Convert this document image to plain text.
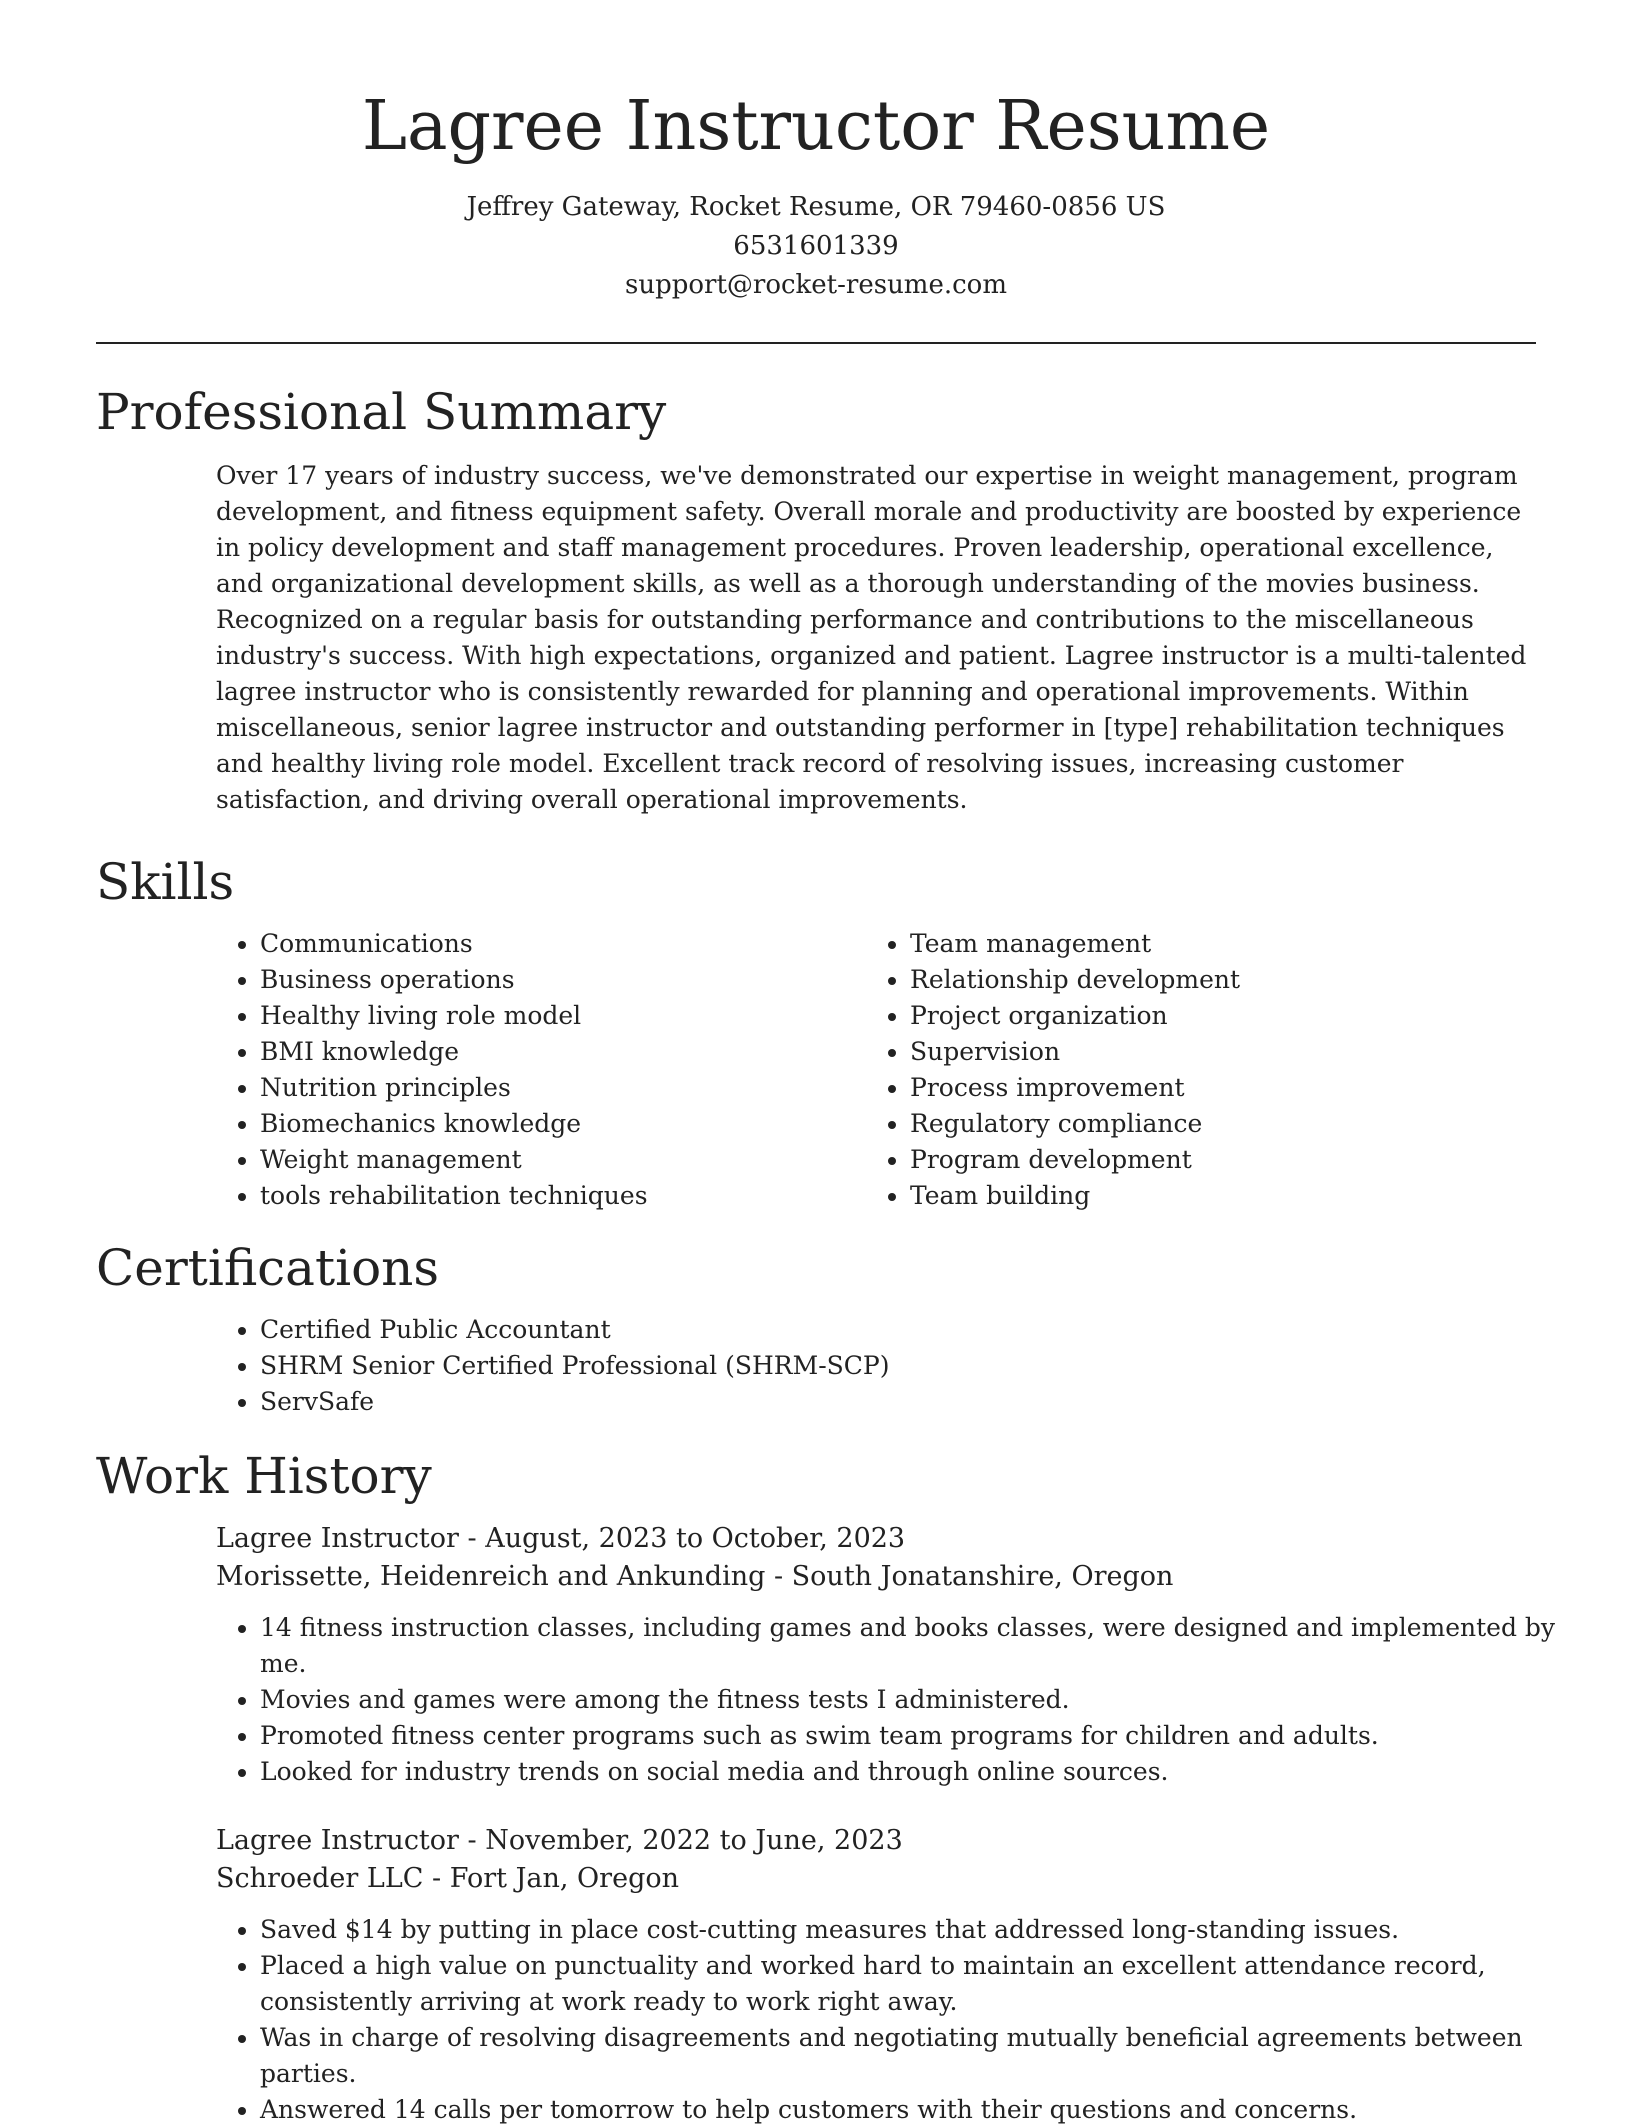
Lagree Instructor Resume
Jeffrey Gateway, Rocket Resume, OR 79460-0856 US
6531601339
support@rocket-resume.com
Professional Summary
Over 17 years of industry success, we've demonstrated our expertise in weight management, program development, and fitness equipment safety. Overall morale and productivity are boosted by experience in policy development and staff management procedures. Proven leadership, operational excellence, and organizational development skills, as well as a thorough understanding of the movies business. Recognized on a regular basis for outstanding performance and contributions to the miscellaneous industry's success. With high expectations, organized and patient. Lagree instructor is a multi-talented lagree instructor who is consistently rewarded for planning and operational improvements. Within miscellaneous, senior lagree instructor and outstanding performer in [type] rehabilitation techniques and healthy living role model. Excellent track record of resolving issues, increasing customer satisfaction, and driving overall operational improvements.
Skills
• Communications
• Business operations
• Healthy living role model
• BMI knowledge
• Nutrition principles
• Biomechanics knowledge
• Weight management
• tools rehabilitation techniques
• Team management
• Relationship development
• Project organization
• Supervision
• Process improvement
• Regulatory compliance
• Program development
• Team building
Certifications
• Certified Public Accountant
• SHRM Senior Certified Professional (SHRM-SCP)
• ServSafe
Work History
Lagree Instructor - August, 2023 to October, 2023
Morissette, Heidenreich and Ankunding - South Jonatanshire, Oregon
• 14 fitness instruction classes, including games and books classes, were designed and implemented by me.
• Movies and games were among the fitness tests I administered.
• Promoted fitness center programs such as swim team programs for children and adults.
• Looked for industry trends on social media and through online sources.
Lagree Instructor - November, 2022 to June, 2023
Schroeder LLC - Fort Jan, Oregon
• Saved $14 by putting in place cost-cutting measures that addressed long-standing issues.
• Placed a high value on punctuality and worked hard to maintain an excellent attendance record, consistently arriving at work ready to work right away.
• Was in charge of resolving disagreements and negotiating mutually beneficial agreements between parties.
• Answered 14 calls per tomorrow to help customers with their questions and concerns.
